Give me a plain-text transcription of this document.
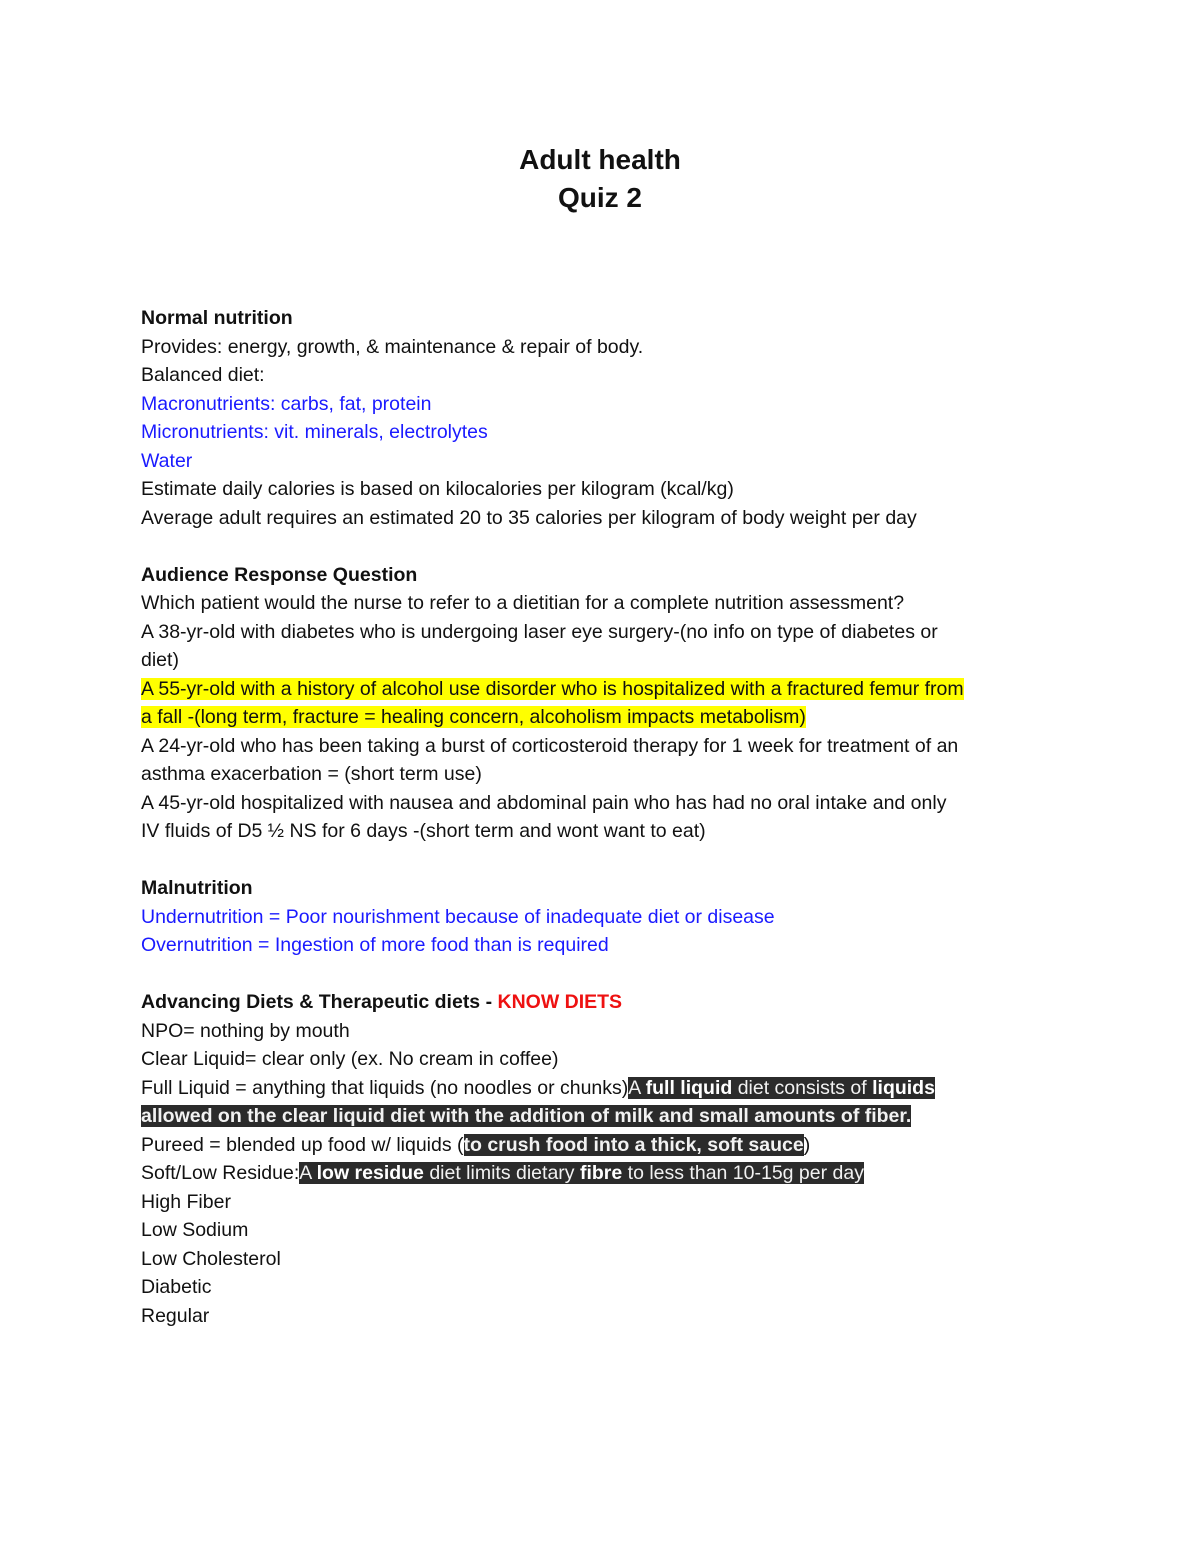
Adult health
Quiz 2
Normal nutrition
Provides: energy, growth, & maintenance & repair of body.
Balanced diet:
Macronutrients: carbs, fat, protein
Micronutrients: vit. minerals, electrolytes
Water
Estimate daily calories is based on kilocalories per kilogram (kcal/kg)
Average adult requires an estimated 20 to 35 calories per kilogram of body weight per day
Audience Response Question
Which patient would the nurse to refer to a dietitian for a complete nutrition assessment?
A 38-yr-old with diabetes who is undergoing laser eye surgery-(no info on type of diabetes or
diet)
A 55-yr-old with a history of alcohol use disorder who is hospitalized with a fractured femur from
a fall -(long term, fracture = healing concern, alcoholism impacts metabolism)
A 24-yr-old who has been taking a burst of corticosteroid therapy for 1 week for treatment of an
asthma exacerbation = (short term use)
A 45-yr-old hospitalized with nausea and abdominal pain who has had no oral intake and only
IV fluids of D5 ½ NS for 6 days -(short term and wont want to eat)
Malnutrition
Undernutrition = Poor nourishment because of inadequate diet or disease
Overnutrition = Ingestion of more food than is required
Advancing Diets & Therapeutic diets - KNOW DIETS
NPO= nothing by mouth
Clear Liquid= clear only (ex. No cream in coffee)
Full Liquid = anything that liquids (no noodles or chunks)A full liquid diet consists of liquids
allowed on the clear liquid diet with the addition of milk and small amounts of fiber.
Pureed = blended up food w/ liquids (to crush food into a thick, soft sauce)
Soft/Low Residue:A low residue diet limits dietary fibre to less than 10-15g per day
High Fiber
Low Sodium
Low Cholesterol
Diabetic
Regular
